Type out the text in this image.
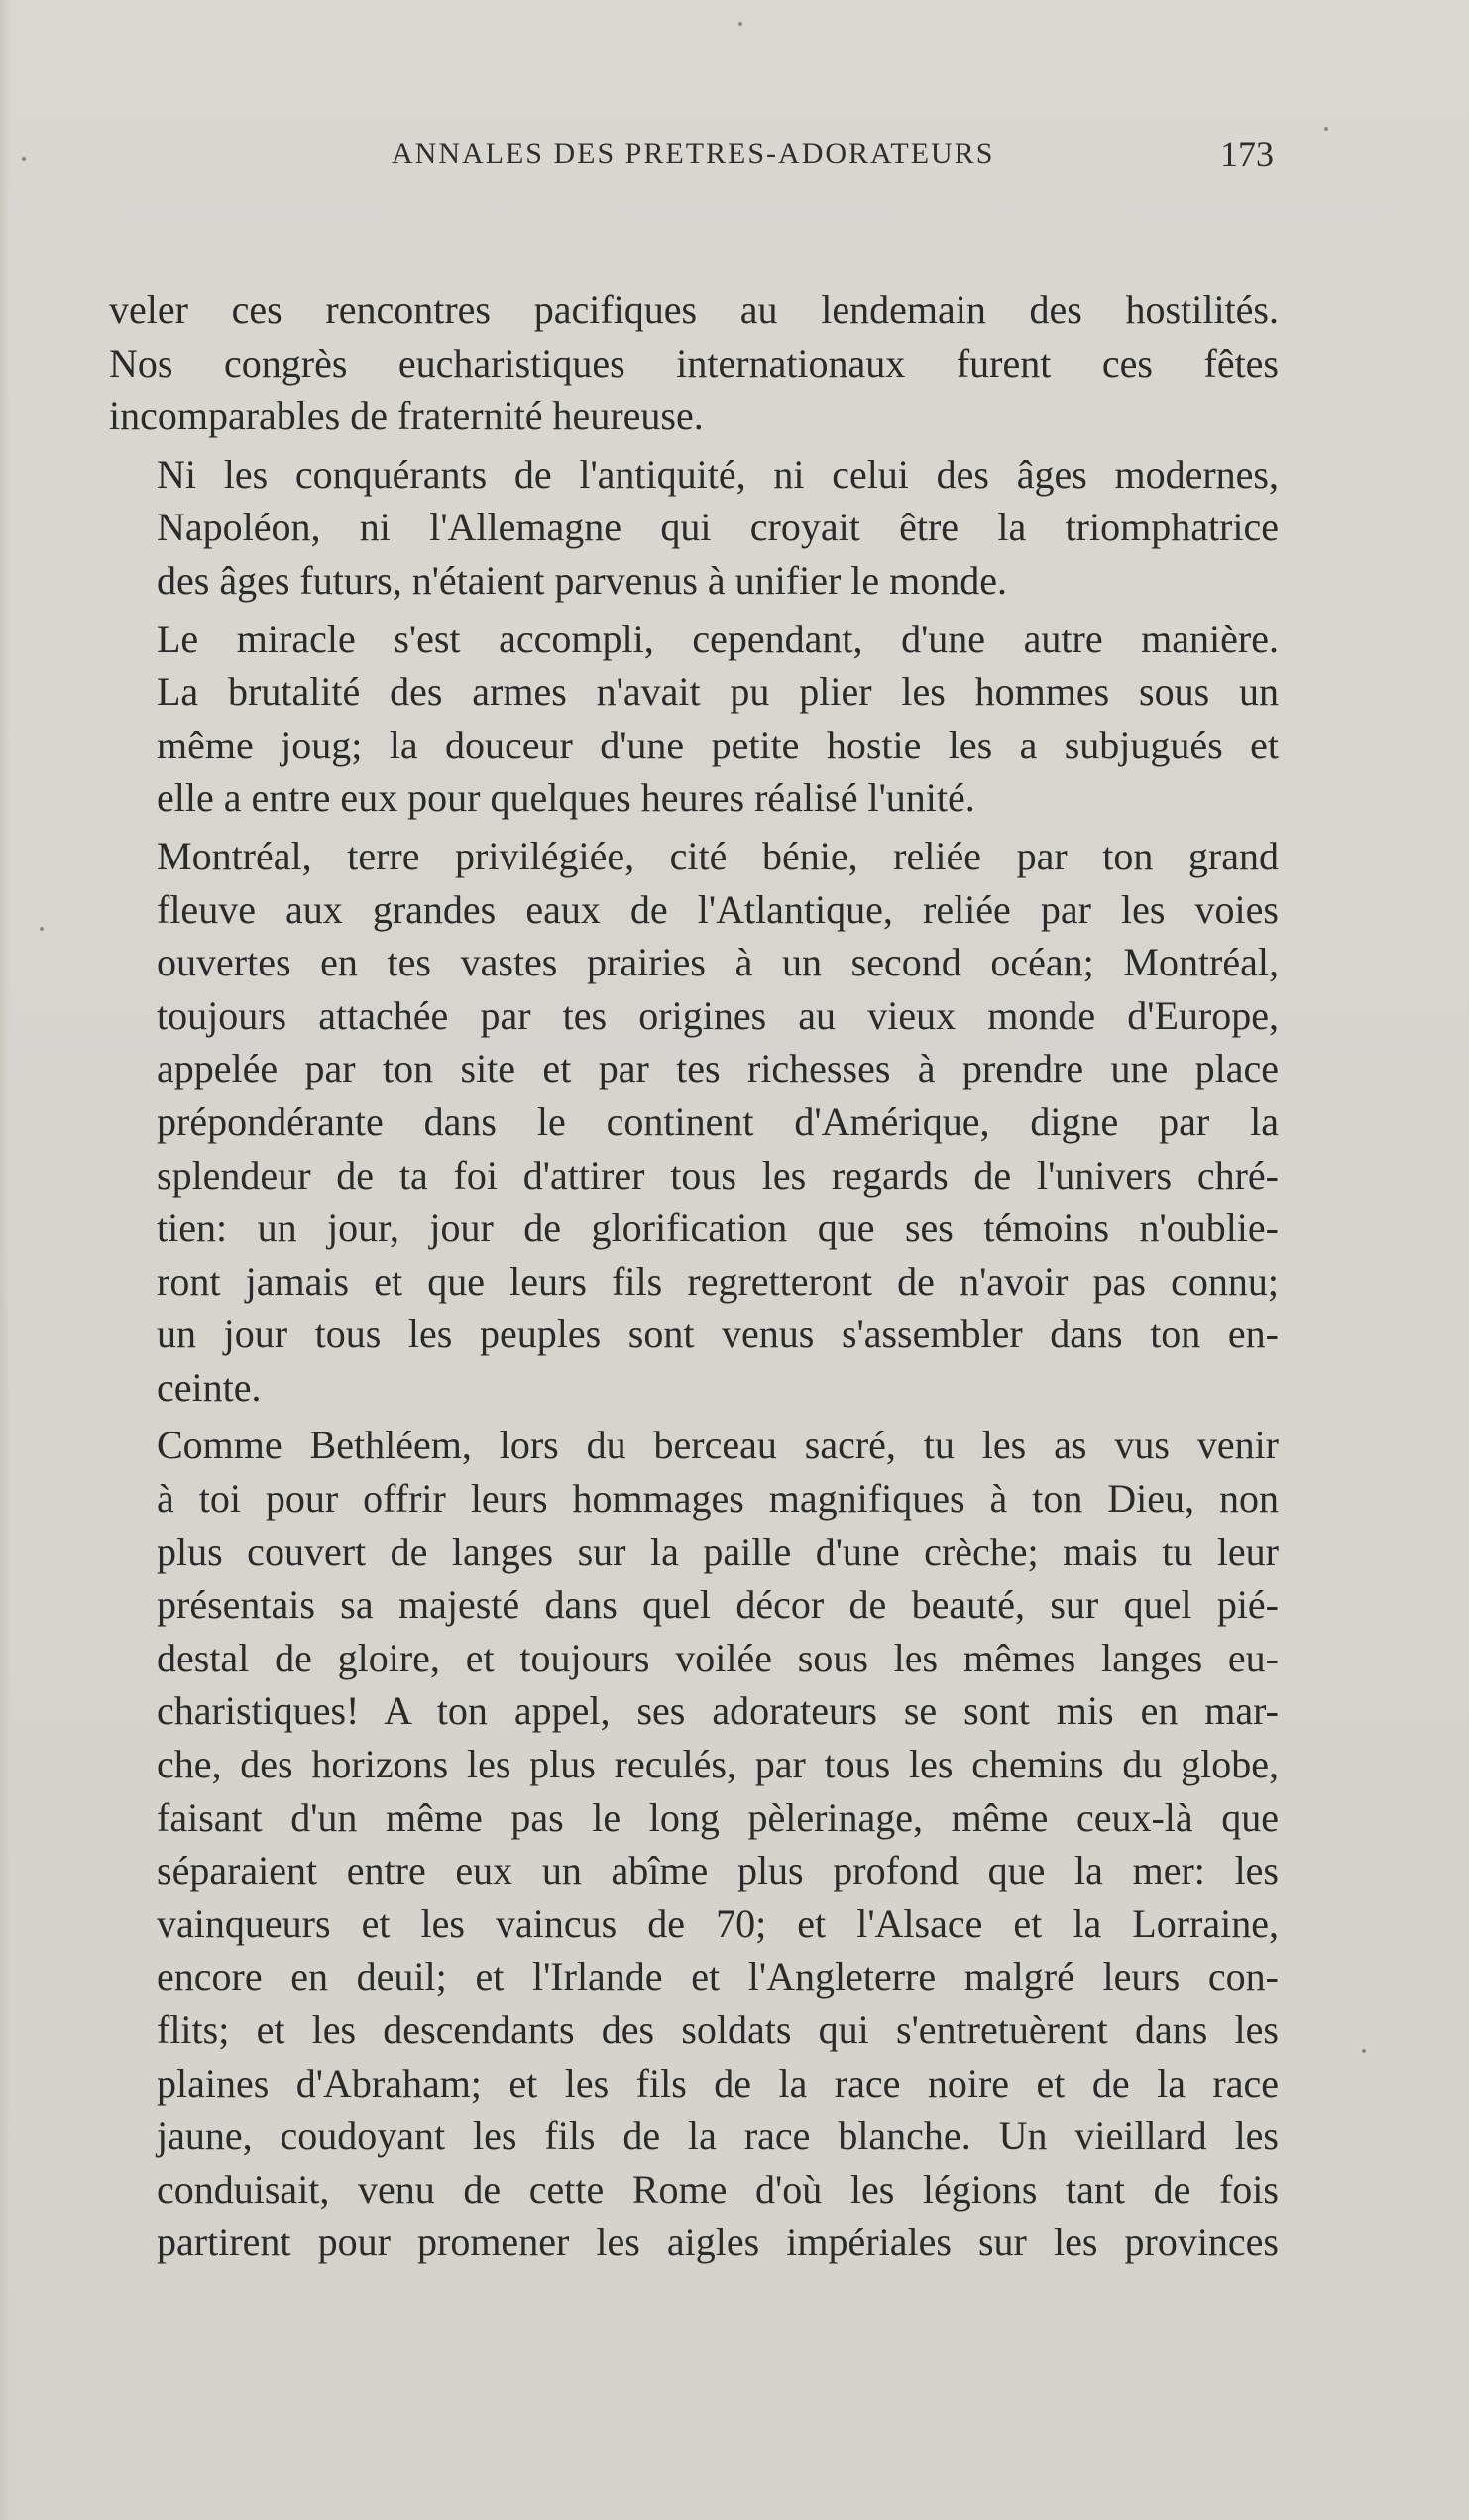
ANNALES DES PRETRES-ADORATEURS	173

veler ces rencontres pacifiques au lendemain des hostilités.
Nos congrès eucharistiques internationaux furent ces fêtes
incomparables de fraternité heureuse.

Ni les conquérants de l'antiquité, ni celui des âges modernes,
Napoléon, ni l'Allemagne qui croyait être la triomphatrice
des âges futurs, n'étaient parvenus à unifier le monde.

Le miracle s'est accompli, cependant, d'une autre manière.
La brutalité des armes n'avait pu plier les hommes sous un
même joug; la douceur d'une petite hostie les a subjugués et
elle a entre eux pour quelques heures réalisé l'unité.

Montréal, terre privilégiée, cité bénie, reliée par ton grand
fleuve aux grandes eaux de l'Atlantique, reliée par les voies
ouvertes en tes vastes prairies à un second océan; Montréal,
toujours attachée par tes origines au vieux monde d'Europe,
appelée par ton site et par tes richesses à prendre une place
prépondérante dans le continent d'Amérique, digne par la
splendeur de ta foi d'attirer tous les regards de l'univers chré-
tien: un jour, jour de glorification que ses témoins n'oublie-
ront jamais et que leurs fils regretteront de n'avoir pas connu;
un jour tous les peuples sont venus s'assembler dans ton en-
ceinte.

Comme Bethléem, lors du berceau sacré, tu les as vus venir
à toi pour offrir leurs hommages magnifiques à ton Dieu, non
plus couvert de langes sur la paille d'une crèche; mais tu leur
présentais sa majesté dans quel décor de beauté, sur quel pié-
destal de gloire, et toujours voilée sous les mêmes langes eu-
charistiques! A ton appel, ses adorateurs se sont mis en mar-
che, des horizons les plus reculés, par tous les chemins du globe,
faisant d'un même pas le long pèlerinage, même ceux-là que
séparaient entre eux un abîme plus profond que la mer: les
vainqueurs et les vaincus de 70; et l'Alsace et la Lorraine,
encore en deuil; et l'Irlande et l'Angleterre malgré leurs con-
flits; et les descendants des soldats qui s'entretuèrent dans les
plaines d'Abraham; et les fils de la race noire et de la race
jaune, coudoyant les fils de la race blanche. Un vieillard les
conduisait, venu de cette Rome d'où les légions tant de fois
partirent pour promener les aigles impériales sur les provinces
